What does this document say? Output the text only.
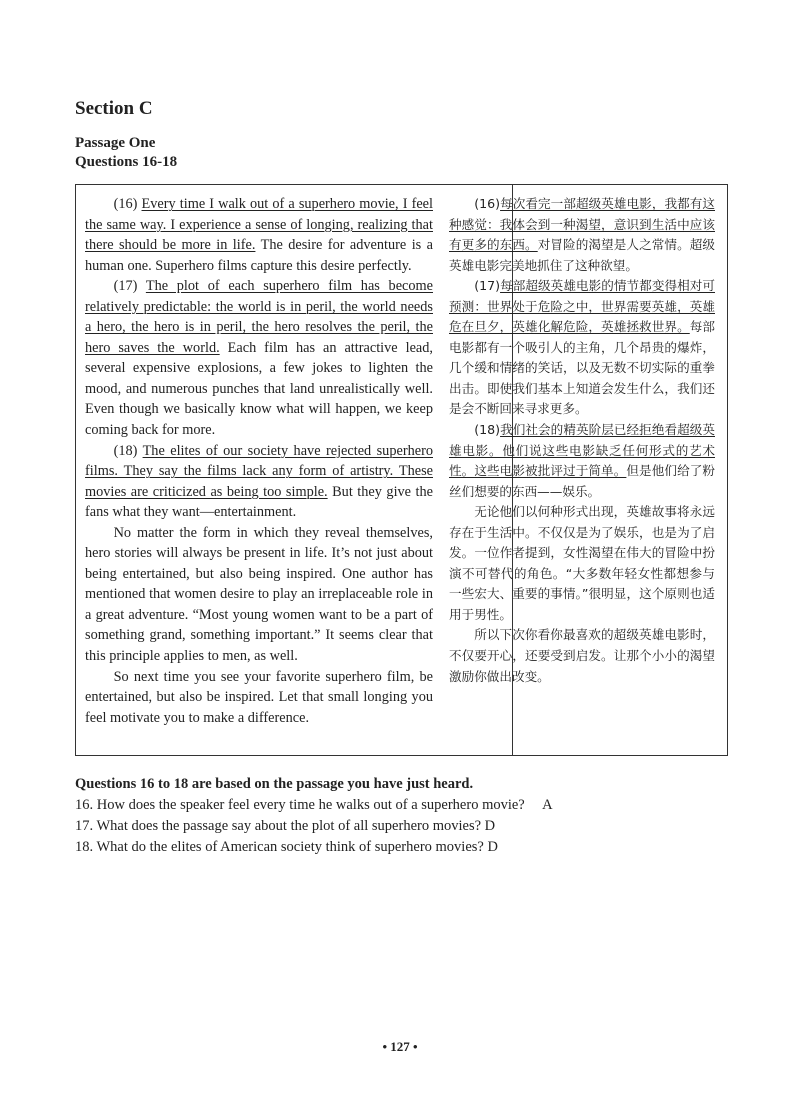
Section C
Passage One
Questions 16-18

(16) Every time I walk out of a superhero movie, I feel the same way. I experience a sense of longing, realizing that there should be more in life. The desire for adventure is a human one. Superhero films capture this desire perfectly.

(17) The plot of each superhero film has become relatively predictable: the world is in peril, the world needs a hero, the hero is in peril, the hero resolves the peril, the hero saves the world. Each film has an attractive lead, several expensive explosions, a few jokes to lighten the mood, and numerous punches that land unrealistically well. Even though we basically know what will happen, we keep coming back for more.

(18) The elites of our society have rejected superhero films. They say the films lack any form of artistry. These movies are criticized as being too simple. But they give the fans what they want—entertainment.

No matter the form in which they reveal themselves, hero stories will always be present in life. It’s not just about being entertained, but also being inspired. One author has mentioned that women desire to play an irreplaceable role in a great adventure. “Most young women want to be a part of something grand, something important.” It seems clear that this principle applies to men, as well.

So next time you see your favorite superhero film, be entertained, but also be inspired. Let that small longing you feel motivate you to make a difference.

(16)每次看完一部超级英雄电影，我都有这种感觉：我体会到一种渴望，意识到生活中应该有更多的东西。对冒险的渴望是人之常情。超级英雄电影完美地抓住了这种欲望。

(17)每部超级英雄电影的情节都变得相对可预测：世界处于危险之中，世界需要英雄，英雄危在旦夕，英雄化解危险，英雄拯救世界。每部电影都有一个吸引人的主角，几个昂贵的爆炸，几个缓和情绪的笑话，以及无数不切实际的重拳出击。即使我们基本上知道会发生什么，我们还是会不断回来寻求更多。

(18)我们社会的精英阶层已经拒绝看超级英雄电影。他们说这些电影缺乏任何形式的艺术性。这些电影被批评过于简单。但是他们给了粉丝们想要的东西——娱乐。

无论他们以何种形式出现，英雄故事将永远存在于生活中。不仅仅是为了娱乐，也是为了启发。一位作者提到，女性渴望在伟大的冒险中扮演不可替代的角色。“大多数年轻女性都想参与一些宏大、重要的事情。”很明显，这个原则也适用于男性。

所以下次你看你最喜欢的超级英雄电影时，不仅要开心，还要受到启发。让那个小小的渴望激励你做出改变。

Questions 16 to 18 are based on the passage you have just heard.
16. How does the speaker feel every time he walks out of a superhero movie?     A
17. What does the passage say about the plot of all superhero movies? D
18. What do the elites of American society think of superhero movies? D
• 127 •
